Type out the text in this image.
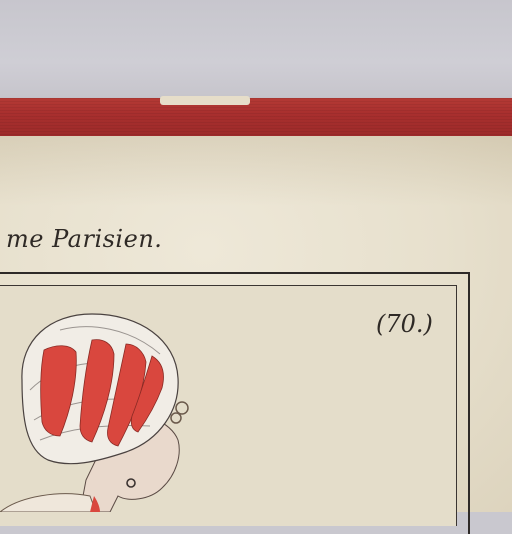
me Parisien.
(70.)
